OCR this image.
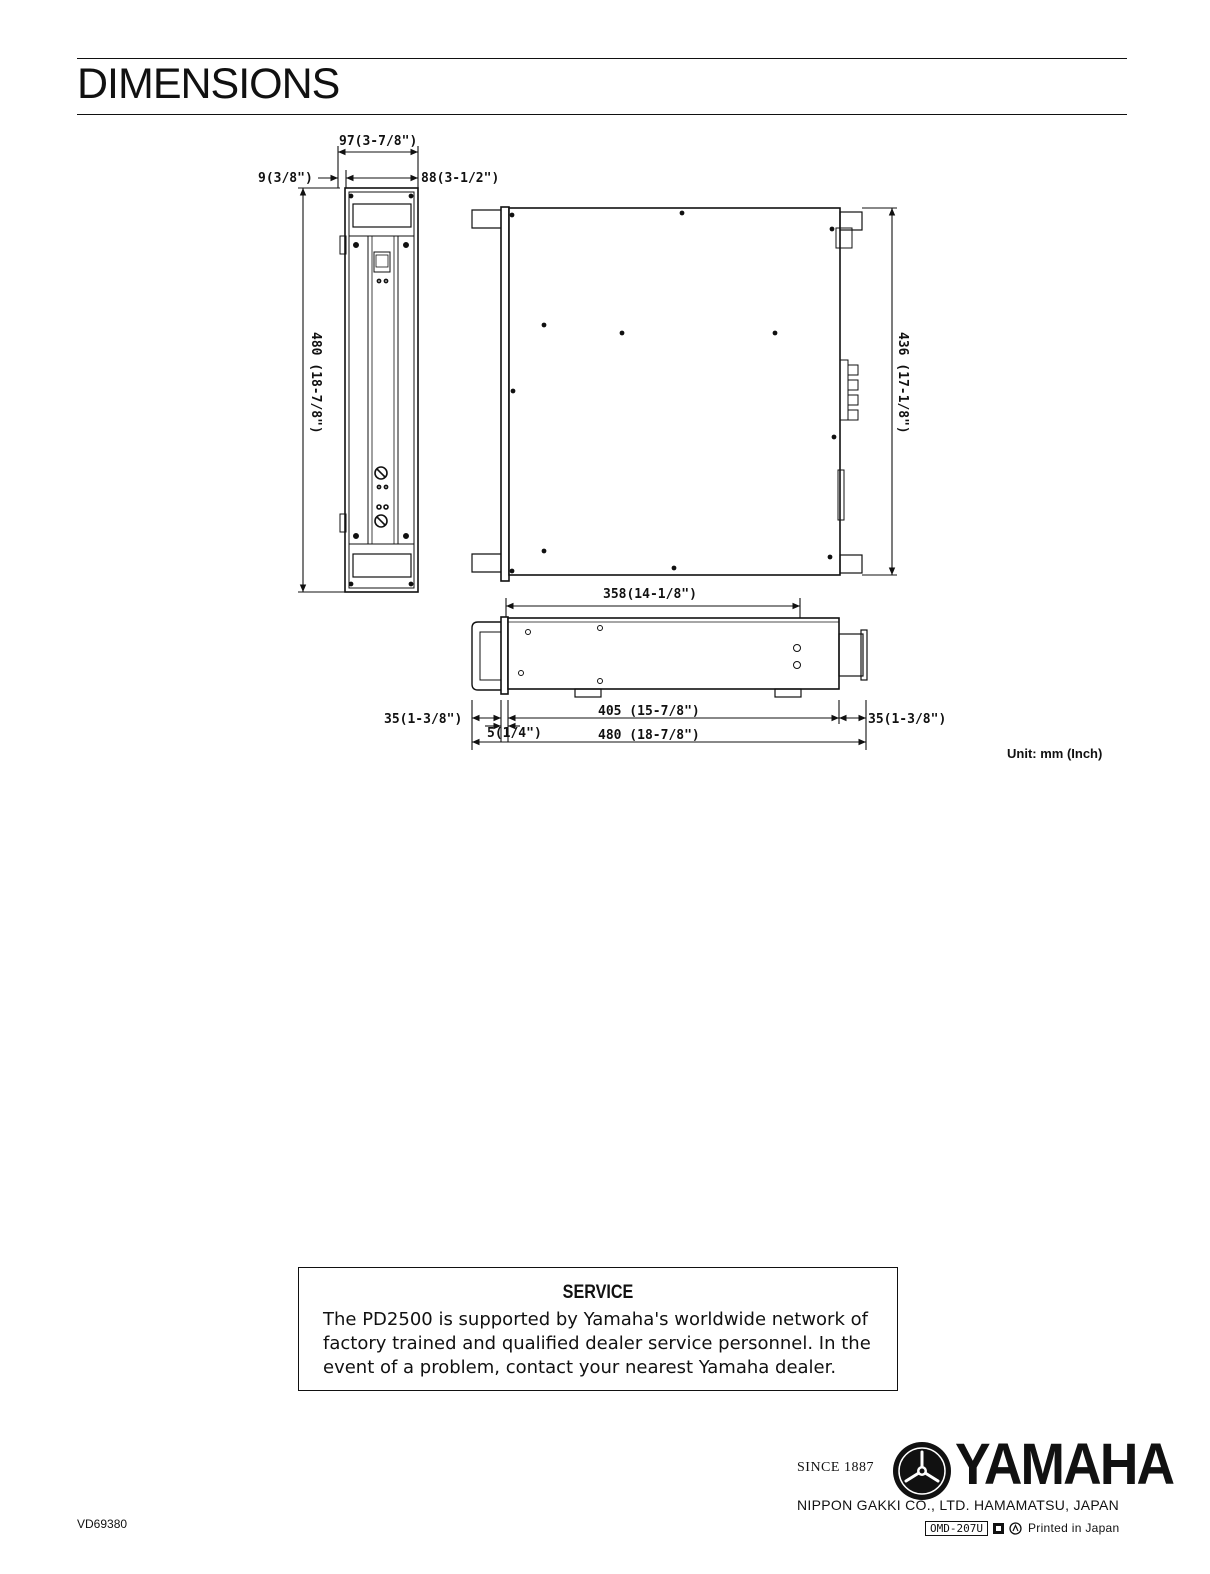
DIMENSIONS
97(3-7/8")
9(3/8")	88(3-1/2")
480 (18-7/8")	436 (17-1/8")
358(14-1/8")
35(1-3/8")
405 (15-7/8")
35(1-3/8")
5(1/4")	480 (18-7/8")
Unit: mm (Inch)
SERVICE

The PD2500 is supported by Yamaha's worldwide network of factory trained and qualified dealer service personnel. In the event of a problem, contact your nearest Yamaha dealer.

VD69380
SINCE 1887 YAMAHA
NIPPON GAKKI CO., LTD. HAMAMATSU, JAPAN
OMD-207U	Printed in Japan
